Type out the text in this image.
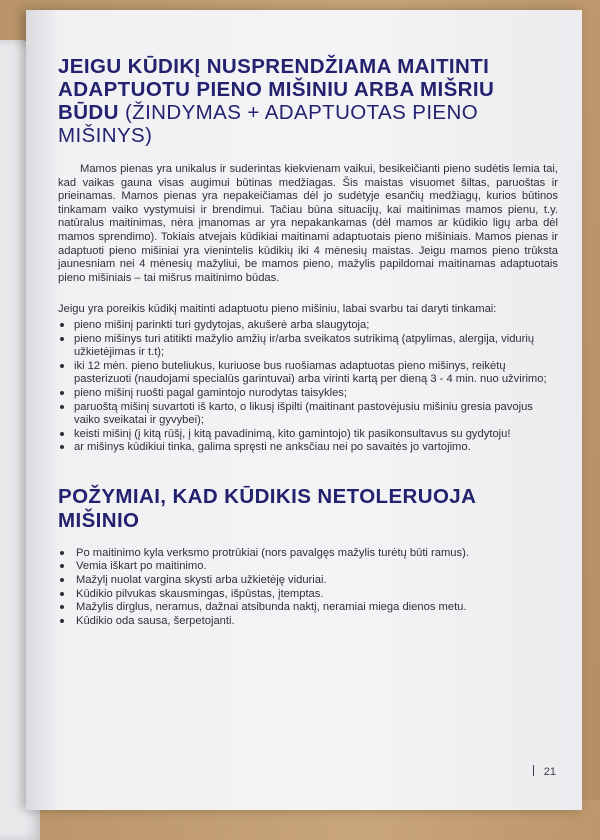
JEIGU KŪDIKĮ NUSPRENDŽIAMA MAITINTI ADAPTUOTU PIENO MIŠINIU ARBA MIŠRIU BŪDU (ŽINDYMAS + ADAPTUOTAS PIENO MIŠINYS)

Mamos pienas yra unikalus ir suderintas kiekvienam vaikui, besikeičianti pieno sudėtis lemia tai, kad vaikas gauna visas augimui būtinas medžiagas. Šis maistas visuomet šiltas, paruoštas ir prieinamas. Mamos pienas yra nepakeičiamas dėl jo sudėtyje esančių medžiagų, kurios būtinos tinkamam vaiko vystymuisi ir brendimui. Tačiau būna situacijų, kai maitinimas mamos pienu, t.y. natūralus maitinimas, nėra įmanomas ar yra nepakankamas (dėl mamos ar kūdikio ligų arba dėl mamos sprendimo). Tokiais atvejais kūdikiai maitinami adaptuotais pieno mišiniais. Mamos pienas ir adaptuoti pieno mišiniai yra vienintelis kūdikių iki 4 mėnesių maistas. Jeigu mamos pieno trūksta jaunesniam nei 4 mėnesių mažyliui, be mamos pieno, mažylis papildomai maitinamas adaptuotais pieno mišiniais – tai mišrus maitinimo būdas.

Jeigu yra poreikis kūdikį maitinti adaptuotu pieno mišiniu, labai svarbu tai daryti tinkamai:

pieno mišinį parinkti turi gydytojas, akušerė arba slaugytoja;
pieno mišinys turi atitikti mažylio amžių ir/arba sveikatos sutrikimą (atpylimas, alergija, vidurių užkietėjimas ir t.t);
iki 12 mėn. pieno buteliukus, kuriuose bus ruošiamas adaptuotas pieno mišinys, reikėtų pasterizuoti (naudojami specialūs garintuvai) arba virinti kartą per dieną 3 - 4 min. nuo užvirimo;
pieno mišinį ruošti pagal gamintojo nurodytas taisykles;
paruoštą mišinį suvartoti iš karto, o likusį išpilti (maitinant pastovėjusiu mišiniu gresia pavojus vaiko sveikatai ir gyvybei);
keisti mišinį (į kitą rūšį, į kitą pavadinimą, kito gamintojo) tik pasikonsultavus su gydytoju!
ar mišinys kūdikiui tinka, galima spręsti ne anksčiau nei po savaitės jo vartojimo.
POŽYMIAI, KAD KŪDIKIS NETOLERUOJA MIŠINIO
Po maitinimo kyla verksmo protrūkiai (nors pavalgęs mažylis turėtų būti ramus).
Vemia iškart po maitinimo.
Mažylį nuolat vargina skysti arba užkietėję viduriai.
Kūdikio pilvukas skausmingas, išpūstas, įtemptas.
Mažylis dirglus, neramus, dažnai atsibunda naktį, neramiai miega dienos metu.
Kūdikio oda sausa, šerpetojanti.
21
